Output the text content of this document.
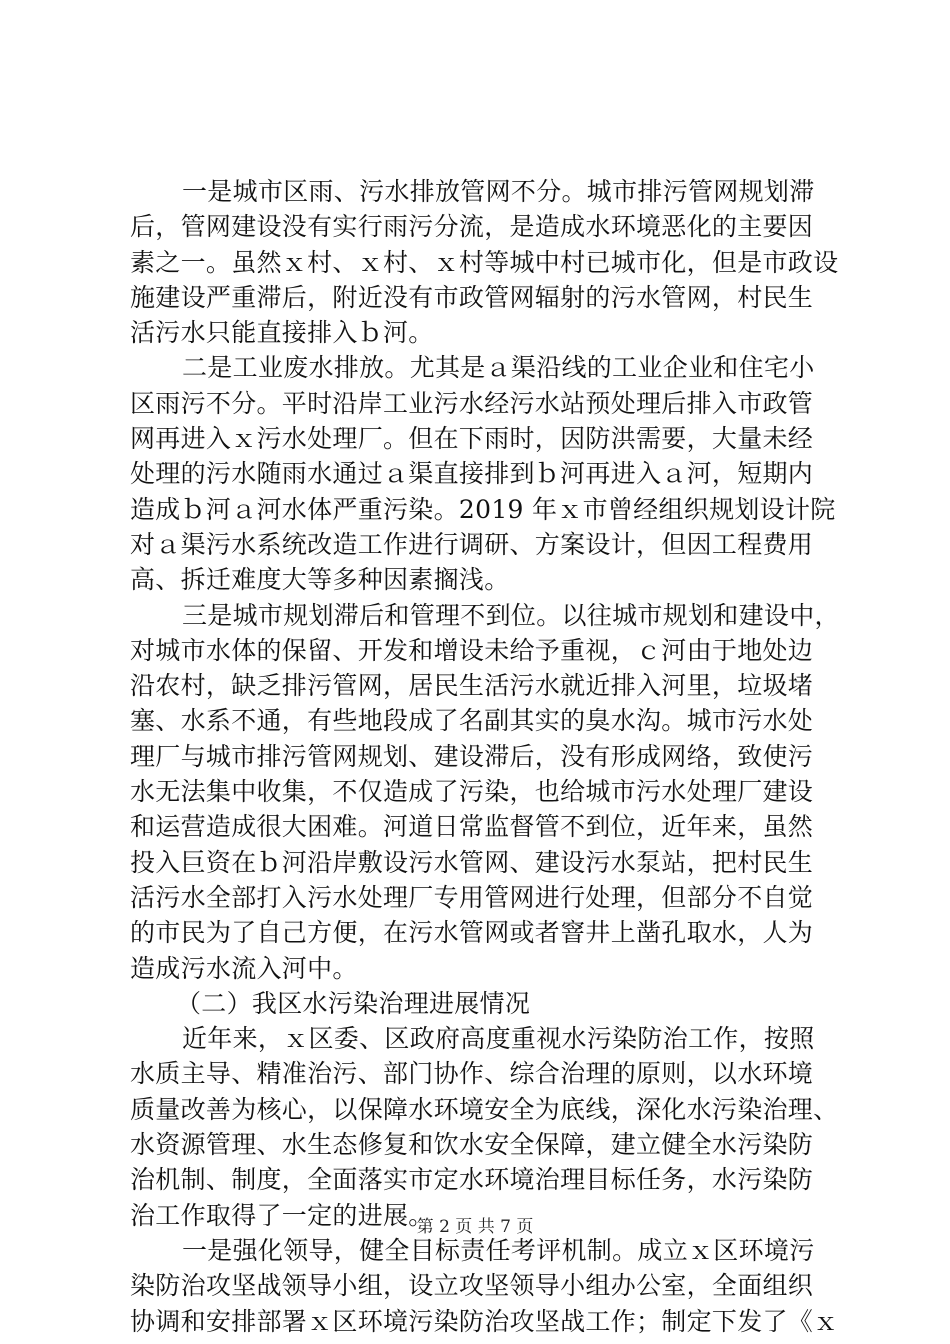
一是城市区雨、污水排放管网不分。城市排污管网规划滞
后，管网建设没有实行雨污分流，是造成水环境恶化的主要因
素之一。虽然ｘ村、ｘ村、ｘ村等城中村已城市化，但是市政设
施建设严重滞后，附近没有市政管网辐射的污水管网，村民生
活污水只能直接排入ｂ河。
二是工业废水排放。尤其是ａ渠沿线的工业企业和住宅小
区雨污不分。平时沿岸工业污水经污水站预处理后排入市政管
网再进入ｘ污水处理厂。但在下雨时，因防洪需要，大量未经
处理的污水随雨水通过ａ渠直接排到ｂ河再进入ａ河，短期内
造成ｂ河ａ河水体严重污染。2019 年ｘ市曾经组织规划设计院
对ａ渠污水系统改造工作进行调研、方案设计，但因工程费用
高、拆迁难度大等多种因素搁浅。
三是城市规划滞后和管理不到位。以往城市规划和建设中，
对城市水体的保留、开发和增设未给予重视，ｃ河由于地处边
沿农村，缺乏排污管网，居民生活污水就近排入河里，垃圾堵
塞、水系不通，有些地段成了名副其实的臭水沟。城市污水处
理厂与城市排污管网规划、建设滞后，没有形成网络，致使污
水无法集中收集，不仅造成了污染，也给城市污水处理厂建设
和运营造成很大困难。河道日常监督管不到位，近年来，虽然
投入巨资在ｂ河沿岸敷设污水管网、建设污水泵站，把村民生
活污水全部打入污水处理厂专用管网进行处理，但部分不自觉
的市民为了自己方便，在污水管网或者窨井上凿孔取水，人为
造成污水流入河中。
（二）我区水污染治理进展情况
近年来，ｘ区委、区政府高度重视水污染防治工作，按照
水质主导、精准治污、部门协作、综合治理的原则，以水环境
质量改善为核心，以保障水环境安全为底线，深化水污染治理、
水资源管理、水生态修复和饮水安全保障，建立健全水污染防
治机制、制度，全面落实市定水环境治理目标任务，水污染防
治工作取得了一定的进展。
一是强化领导，健全目标责任考评机制。成立ｘ区环境污
染防治攻坚战领导小组，设立攻坚领导小组办公室，全面组织
协调和安排部署ｘ区环境污染防治攻坚战工作；制定下发了《ｘ
第 2 页 共 7 页
